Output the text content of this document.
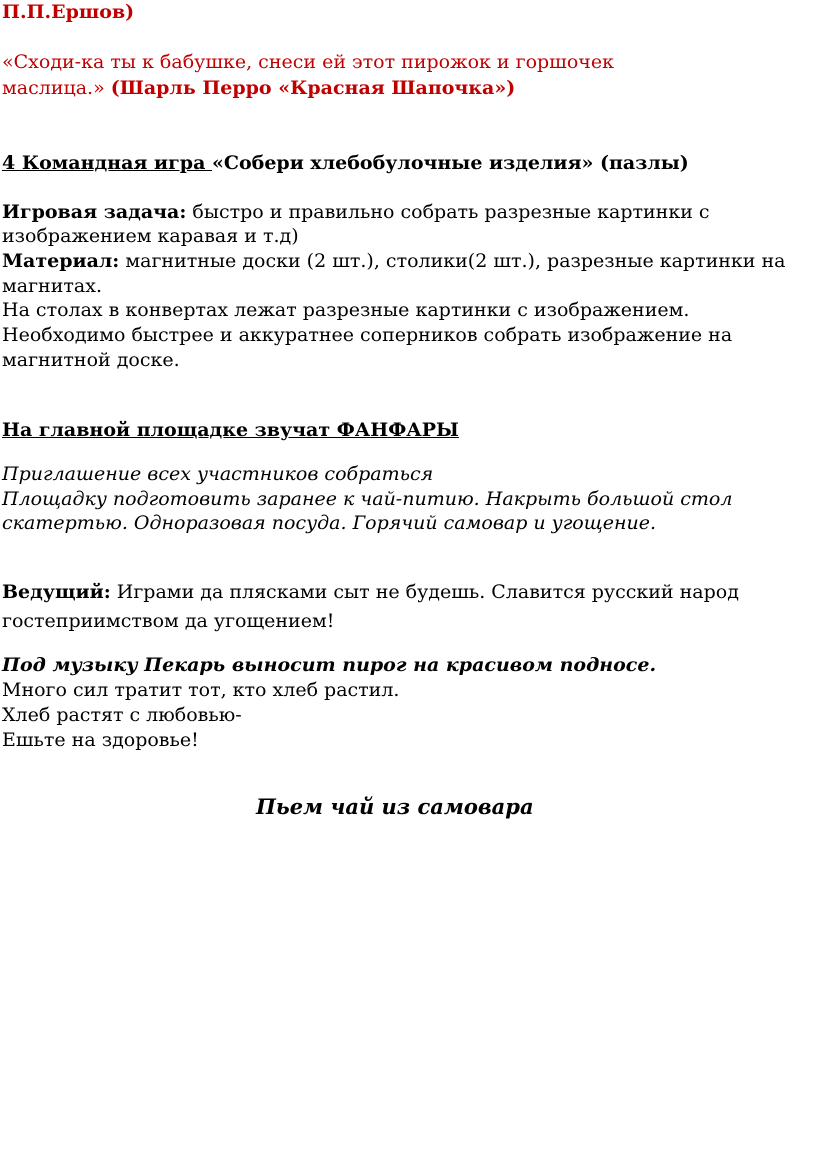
П.П.Ершов)
«Сходи-ка ты к бабушке, снеси ей этот пирожок и горшочек
маслица.» (Шарль Перро «Красная Шапочка»)
4 Командная игра «Собери хлебобулочные изделия» (пазлы)
Игровая задача: быстро и правильно собрать разрезные картинки с
изображением каравая и т.д)
Материал: магнитные доски (2 шт.), столики(2 шт.), разрезные картинки на
магнитах.
На столах в конвертах лежат разрезные картинки с изображением.
Необходимо быстрее и аккуратнее соперников собрать изображение на
магнитной доске.
На главной площадке звучат ФАНФАРЫ
Приглашение всех участников собраться
Площадку подготовить заранее к чай-питию. Накрыть большой стол
скатертью. Одноразовая посуда. Горячий самовар и угощение.
Ведущий: Играми да плясками сыт не будешь. Славится русский народ
гостеприимством да угощением!
Под музыку Пекарь выносит пирог на красивом подносе.
Много сил тратит тот, кто хлеб растил.
Хлеб растят с любовью-
Ешьте на здоровье!
Пьем чай из самовара
